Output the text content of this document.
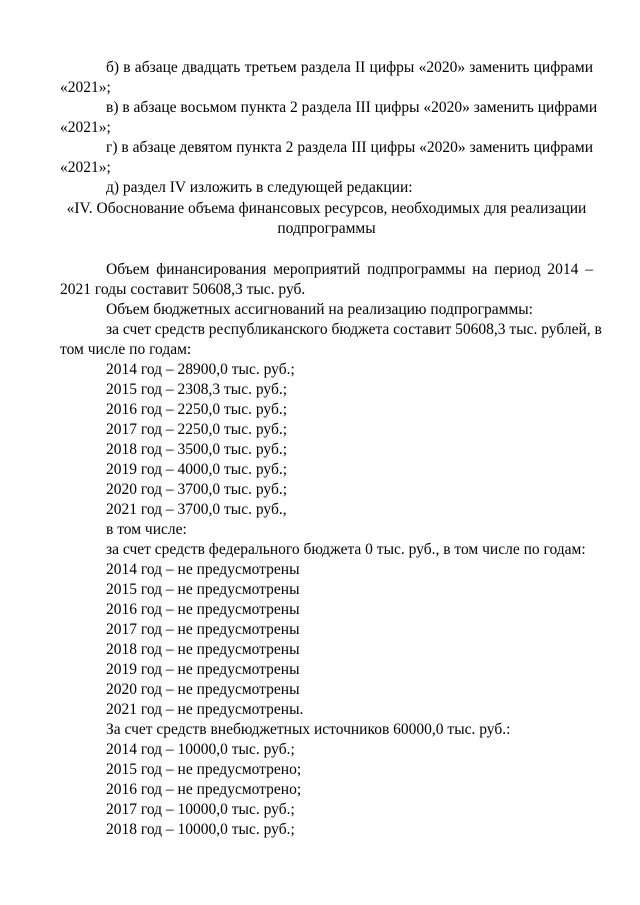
б) в абзаце двадцать третьем раздела II цифры «2020» заменить цифрами
«2021»;
в) в абзаце восьмом пункта 2 раздела III цифры «2020» заменить цифрами
«2021»;
г) в абзаце девятом пункта 2 раздела III цифры «2020» заменить цифрами
«2021»;
д) раздел IV изложить в следующей редакции:
«IV. Обоснование объема финансовых ресурсов, необходимых для реализации
подпрограммы
Объем финансирования мероприятий подпрограммы на период 2014 –
2021 годы составит 50608,3 тыс. руб.
Объем бюджетных ассигнований на реализацию подпрограммы:
за счет средств республиканского бюджета составит 50608,3 тыс. рублей, в
том числе по годам:
2014 год – 28900,0 тыс. руб.;
2015 год – 2308,3 тыс. руб.;
2016 год – 2250,0 тыс. руб.;
2017 год – 2250,0 тыс. руб.;
2018 год – 3500,0 тыс. руб.;
2019 год – 4000,0 тыс. руб.;
2020 год – 3700,0 тыс. руб.;
2021 год – 3700,0 тыс. руб.,
в том числе:
за счет средств федерального бюджета 0 тыс. руб., в том числе по годам:
2014 год – не предусмотрены
2015 год – не предусмотрены
2016 год – не предусмотрены
2017 год – не предусмотрены
2018 год – не предусмотрены
2019 год – не предусмотрены
2020 год – не предусмотрены
2021 год – не предусмотрены.
За счет средств внебюджетных источников 60000,0 тыс. руб.:
2014 год – 10000,0 тыс. руб.;
2015 год – не предусмотрено;
2016 год – не предусмотрено;
2017 год – 10000,0 тыс. руб.;
2018 год – 10000,0 тыс. руб.;
